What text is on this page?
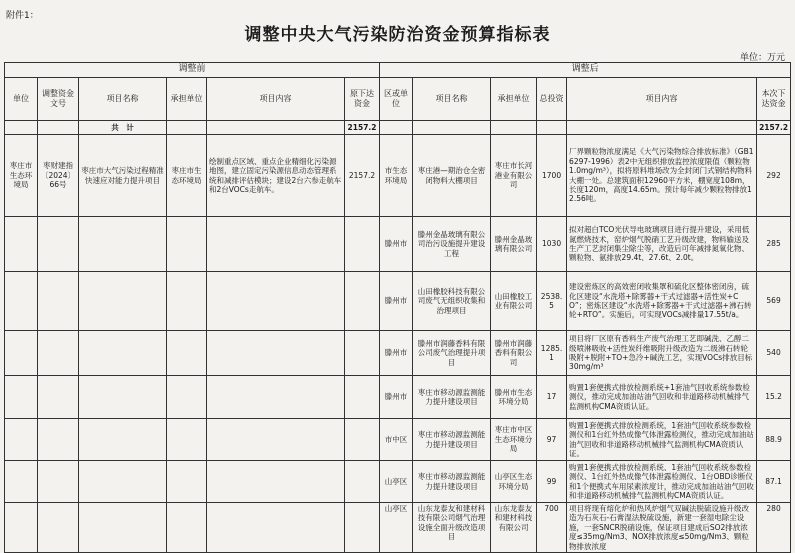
附件1：
调整中央大气污染防治资金预算指标表
单位：万元
调整前						调整后					
单位	调整资金文号	项目名称	承担单位	项目内容	原下达资金	区或单位	项目名称	承担单位	总投资	项目内容	本次下达资金
		共　计			2157.2						2157.2
枣庄市生态环境局	枣财建指〔2024〕66号	枣庄市大气污染过程精准快速应对能力提升项目	枣庄市生态环境局	绘制重点区域、重点企业精细化污染源地图，建立固定污染源信息动态管理系统和减排评估模块；建设2台六参走航车和2台VOCs走航车。	2157.2	市生态环境局	枣庄港—期治仓全密闭物料大棚项目	枣庄市长河港业有限公司	1700	厂界颗粒物浓度满足《大气污染物综合排放标准》（GB16297-1996）表2中无组织排放监控浓度限值（颗粒物1.0mg/m³），拟将原料堆场改为全封闭门式钢结构物料大棚一处。总建筑面积12960平方米，棚宽度108m，长度120m，高度14.65m。预计每年减少颗粒物排放12.56吨。	292
						滕州市	滕州金晶玻璃有限公司治污设施提升建设工程	滕州金晶玻璃有限公司	1030	拟对超白TCO光伏导电玻璃项目进行提升建设，采用低氮燃烧技术，窑炉烟气脱硝工艺升级改建，物料输送及生产工艺封闭集尘除尘等，改造后可年减排氮氧化物、颗粒物、氨排放29.4t、27.6t、2.0t。	285
						滕州市	山田橡胶科技有限公司废气无组织收集和治理项目	山田橡胶工业有限公司	2538.5	建设密炼区的高效密闭收集罩和硫化区整体密闭房，硫化区建设“水洗塔+除雾器+干式过滤器+活性炭+CO”；密炼区建设“水洗塔+除雾器+干式过滤器+沸石转轮+RTO”。实施后，可实现VOCs减排量17.55t/a。	569
						滕州市	滕州市润藤香料有限公司废气治理提升项目	滕州市润藤香料有限公司	1285.1	项目将厂区原有香料生产废气治理工艺即碱洗、乙醇二级喷淋吸收+活性炭纤维吸附升级改造为二级沸石转轮吸附+脱附+TO+急冷+碱洗工艺，实现VOCs排放目标30mg/m³	540
						滕州市	枣庄市移动源监测能力提升建设项目	滕州市生态环境分局	17	购置1套便携式排放检测系统+1套油气回收系统参数检测仪，推动完成加油站油气回收和非道路移动机械排气监测机构CMA资质认证。	15.2
						市中区	枣庄市移动源监测能力提升建设项目	枣庄市中区生态环境分局	97	购置1套便携式排放检测系统，1套油气回收系统参数检测仪和1台红外热成像气体泄露检测仪，推动完成加油站油气回收和非道路移动机械排气监测机构CMA资质认证。	88.9
						山亭区	枣庄市移动源监测能力提升建设项目	山亭区生态环境分局	99	购置1套便携式排放检测系统、1套油气回收系统参数检测仪、1台红外热成像气体泄露检测仪、1台OBD诊断仪和1个便携式车用尿素浓度计，推动完成加油站油气回收和非道路移动机械排气监测机构CMA资质认证。	87.1
						山亭区	山东龙泰友和建材科技有限公司烟气治理设施全面升级改造项目	山东龙泰友和建材科技有限公司	700	项目将现有熔化炉和热风炉烟气双碱法脱硫设施升级改造为石灰石-石膏湿法脱硫设施，新建一套湿电除尘设施，一套SNCR脱硝设施，保证项目建成后SO2排放浓度≤35mg/Nm3、NOX排放浓度≤50mg/Nm3、颗粒物排放浓度	280
